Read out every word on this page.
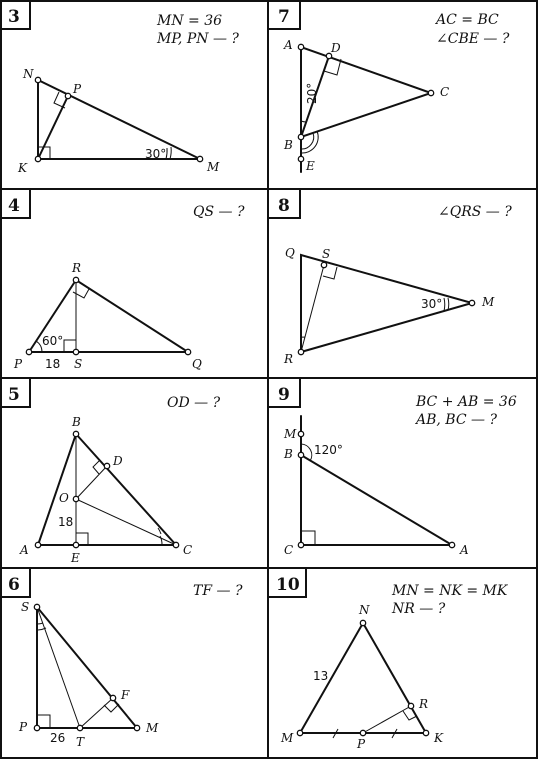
3	MN = 36
MP, PN — ?
N
P
K	M
30°
4	QS — ?
R
P	S	Q
60°
18
5	OD — ?
B
D
O
A
E
C
18
6	TF — ?
S
F
P
T
M
26
7	AC = BC
∠CBE — ?
A	D
C
B
E
20°
8	∠QRS — ?
Q S
M
R
30°
9	BC + AB = 36
AB, BC — ?
M
B
C	A
120°
10	MN = NK = MK
NR — ?
N
R
M	P	K
13
